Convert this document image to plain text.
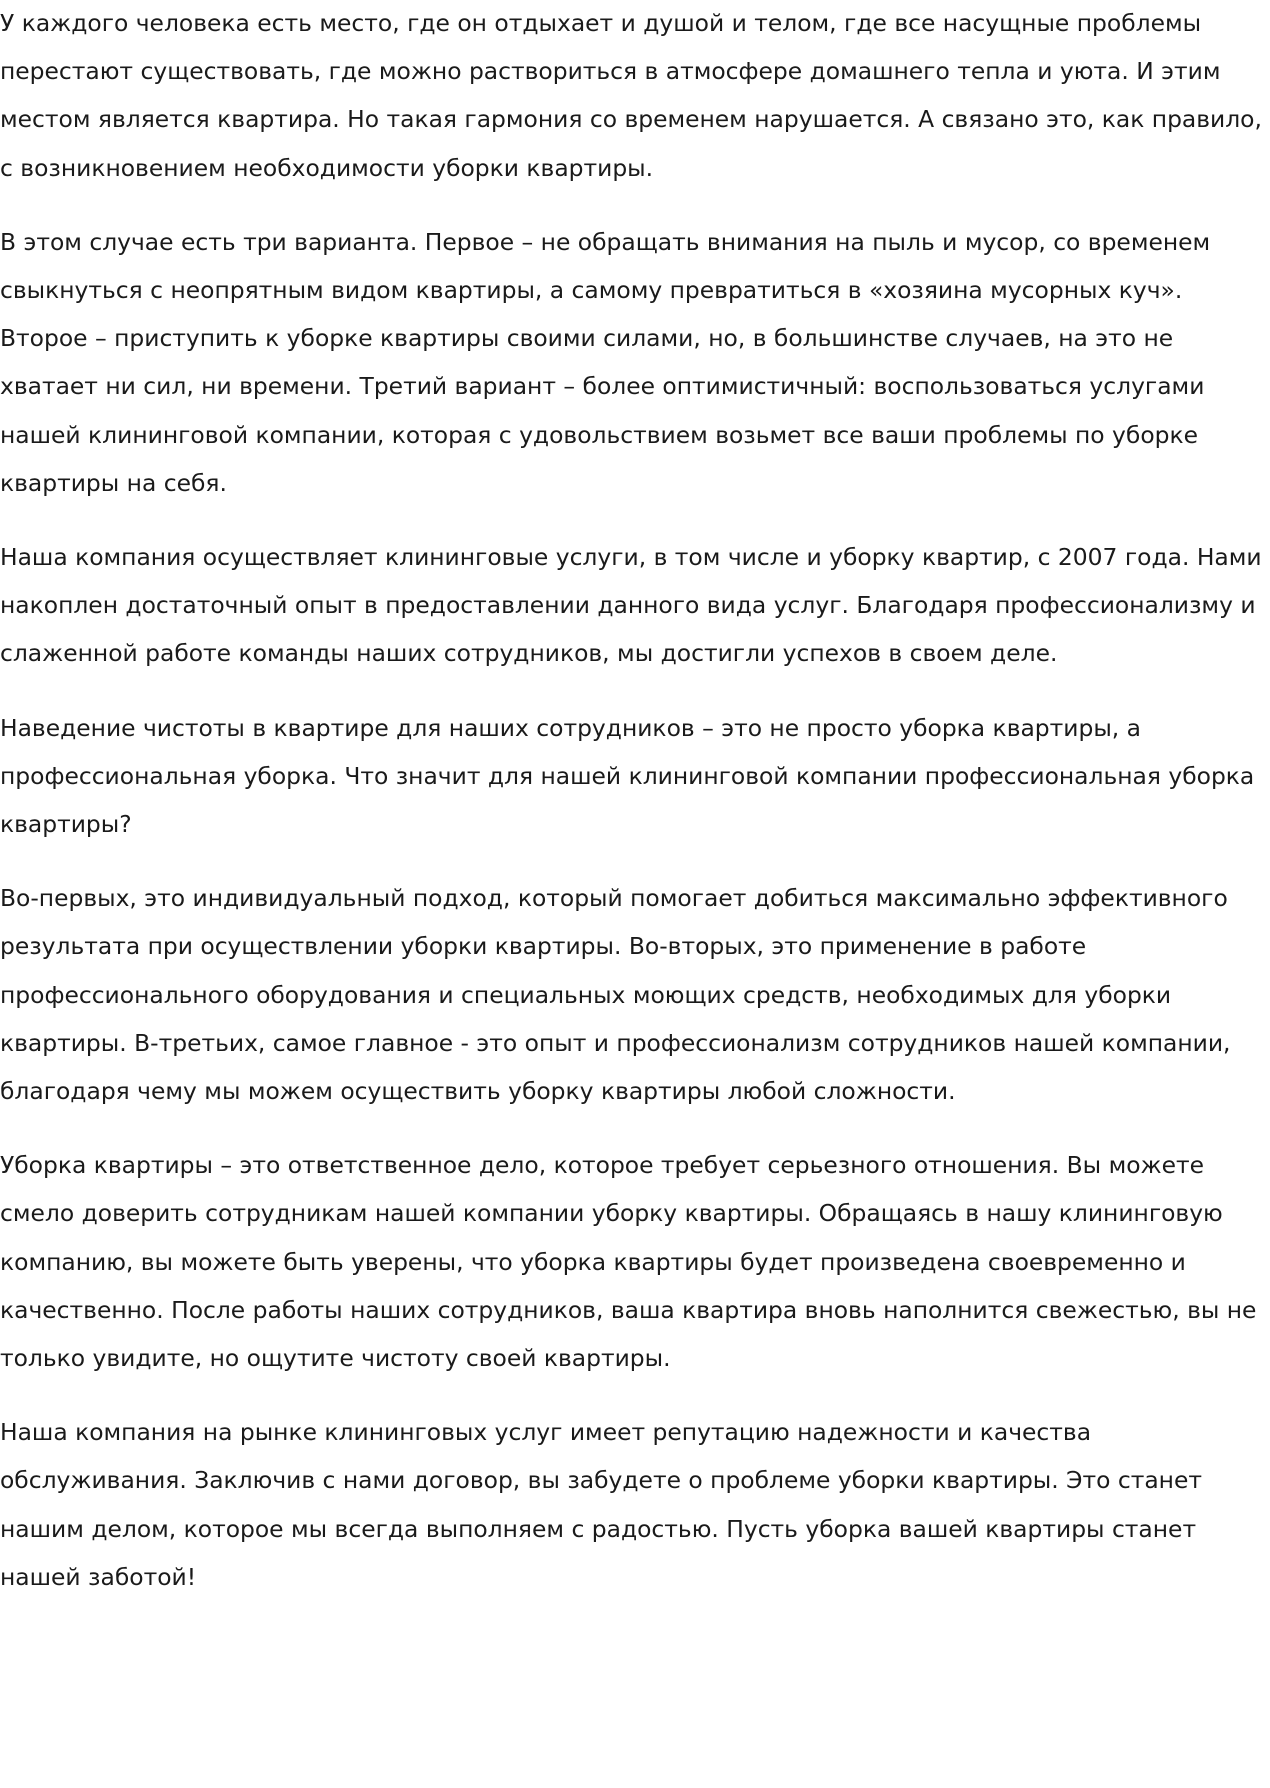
У каждого человека есть место, где он отдыхает и душой и телом, где все насущные проблемы перестают существовать, где можно раствориться в атмосфере домашнего тепла и уюта. И этим местом является квартира. Но такая гармония со временем нарушается. А связано это, как правило, с возникновением необходимости уборки квартиры.

В этом случае есть три варианта. Первое – не обращать внимания на пыль и мусор, со временем свыкнуться с неопрятным видом квартиры, а самому превратиться в «хозяина мусорных куч». Второе – приступить к уборке квартиры своими силами, но, в большинстве случаев, на это не хватает ни сил, ни времени. Третий вариант – более оптимистичный: воспользоваться услугами нашей клининговой компании, которая с удовольствием возьмет все ваши проблемы по уборке квартиры на себя.

Наша компания осуществляет клининговые услуги, в том числе и уборку квартир, с 2007 года. Нами накоплен достаточный опыт в предоставлении данного вида услуг. Благодаря профессионализму и слаженной работе команды наших сотрудников, мы достигли успехов в своем деле.

Наведение чистоты в квартире для наших сотрудников – это не просто уборка квартиры, а профессиональная уборка. Что значит для нашей клининговой компании профессиональная уборка квартиры?

Во-первых, это индивидуальный подход, который помогает добиться максимально эффективного результата при осуществлении уборки квартиры. Во-вторых, это применение в работе профессионального оборудования и специальных моющих средств, необходимых для уборки квартиры. В-третьих, самое главное - это опыт и профессионализм сотрудников нашей компании, благодаря чему мы можем осуществить уборку квартиры любой сложности.

Уборка квартиры – это ответственное дело, которое требует серьезного отношения. Вы можете смело доверить сотрудникам нашей компании уборку квартиры. Обращаясь в нашу клининговую компанию, вы можете быть уверены, что уборка квартиры будет произведена своевременно и качественно. После работы наших сотрудников, ваша квартира вновь наполнится свежестью, вы не только увидите, но ощутите чистоту своей квартиры.

Наша компания на рынке клининговых услуг имеет репутацию надежности и качества обслуживания. Заключив с нами договор, вы забудете о проблеме уборки квартиры. Это станет нашим делом, которое мы всегда выполняем с радостью. Пусть уборка вашей квартиры станет нашей заботой!
